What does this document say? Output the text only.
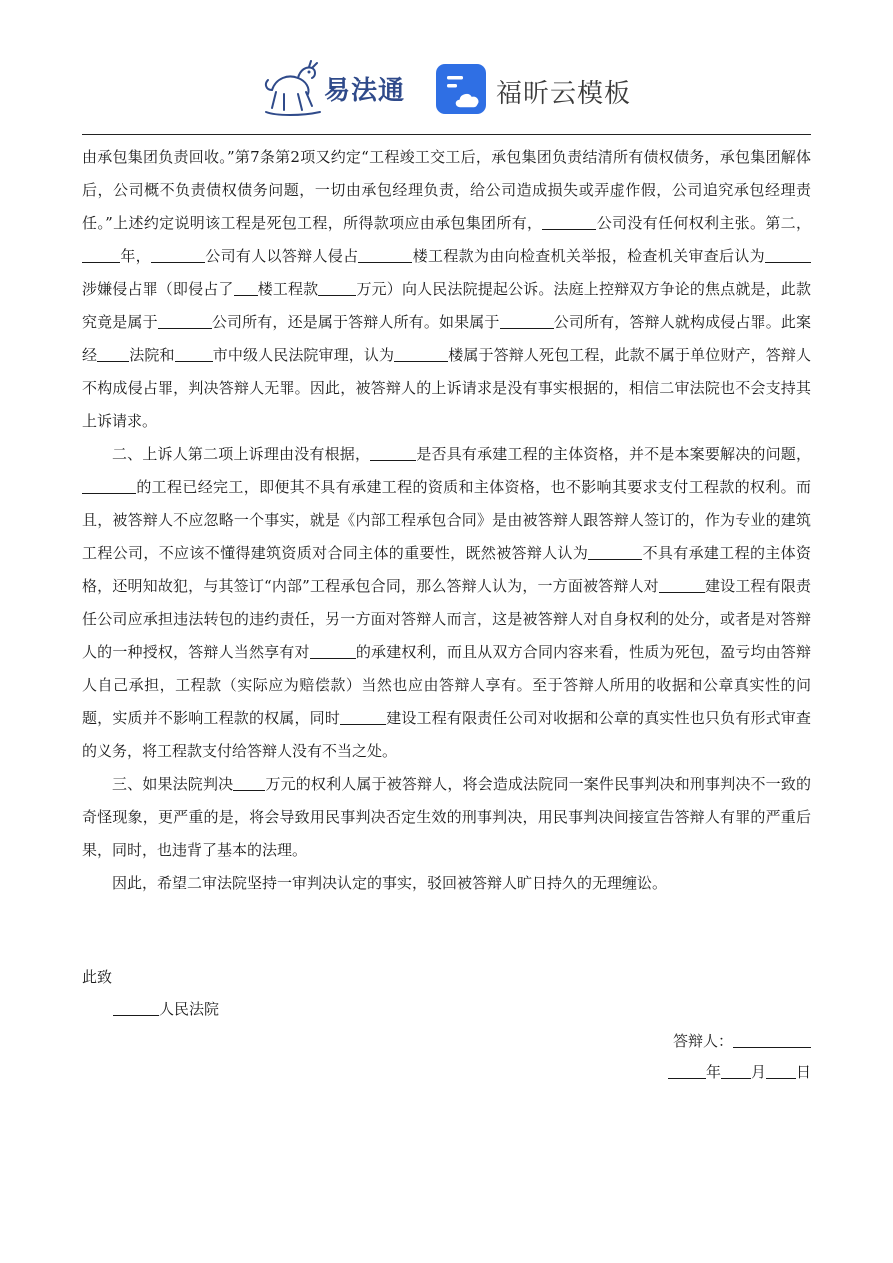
易法通	福昕云模板

由承包集团负责回收。”第7条第2项又约定“工程竣工交工后，承包集团负责结清所有债权债务，承包集团解体后，公司概不负责债权债务问题，一切由承包经理负责，给公司造成损失或弄虚作假，公司追究承包经理责任。”上述约定说明该工程是死包工程，所得款项应由承包集团所有，	公司没有任何权利主张。第二，年，	公司有人以答辩人侵占	楼工程款为由向检查机关举报，检查机关审查后认为涉嫌侵占罪（即侵占了 楼工程款	万元）向人民法院提起公诉。法庭上控辩双方争论的焦点就是，此款究竟是属于	公司所有，还是属于答辩人所有。如果属于	公司所有，答辩人就构成侵占罪。此案经 法院和	市中级人民法院审理，认为	楼属于答辩人死包工程，此款不属于单位财产，答辩人不构成侵占罪，判决答辩人无罪。因此，被答辩人的上诉请求是没有事实根据的，相信二审法院也不会支持其上诉请求。

二、上诉人第二项上诉理由没有根据，	是否具有承建工程的主体资格，并不是本案要解决的问题，的工程已经完工，即便其不具有承建工程的资质和主体资格，也不影响其要求支付工程款的权利。而且，被答辩人不应忽略一个事实，就是《内部工程承包合同》是由被答辩人跟答辩人签订的，作为专业的建筑工程公司，不应该不懂得建筑资质对合同主体的重要性，既然被答辩人认为	不具有承建工程的主体资格，还明知故犯，与其签订“内部”工程承包合同，那么答辩人认为，一方面被答辩人对	建设工程有限责任公司应承担违法转包的违约责任，另一方面对答辩人而言，这是被答辩人对自身权利的处分，或者是对答辩人的一种授权，答辩人当然享有对	的承建权利，而且从双方合同内容来看，性质为死包，盈亏均由答辩人自己承担，工程款（实际应为赔偿款）当然也应由答辩人享有。至于答辩人所用的收据和公章真实性的问题，实质并不影响工程款的权属，同时	建设工程有限责任公司对收据和公章的真实性也只负有形式审查的义务，将工程款支付给答辩人没有不当之处。

三、如果法院判决 万元的权利人属于被答辩人，将会造成法院同一案件民事判决和刑事判决不一致的奇怪现象，更严重的是，将会导致用民事判决否定生效的刑事判决，用民事判决间接宣告答辩人有罪的严重后果，同时，也违背了基本的法理。

因此，希望二审法院坚持一审判决认定的事实，驳回被答辩人旷日持久的无理缠讼。

此致
人民法院
答辩人：
年 月 日
